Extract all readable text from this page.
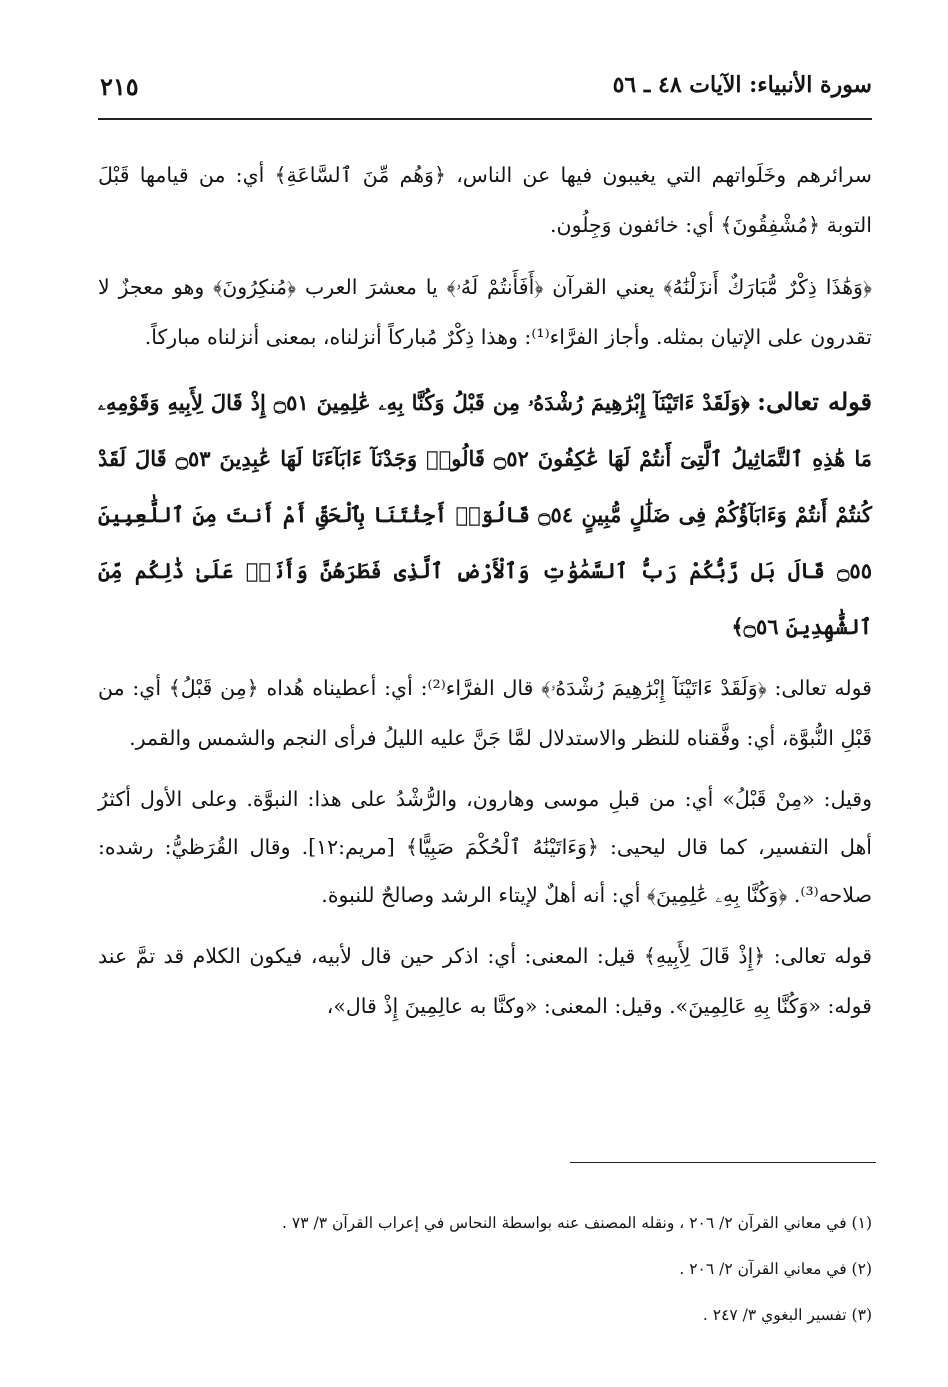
سورة الأنبياء: الآيات ٤٨ ـ ٥٦
٢١٥

سرائرهم وخَلَواتهم التي يغيبون فيها عن الناس، ﴿وَهُم مِّنَ ٱلسَّاعَةِ﴾ أي: من قيامها قَبْلَ التوبة ﴿مُشْفِقُونَ﴾ أي: خائفون وَجِلُون.

﴿وَهَٰذَا ذِكْرٌ مُّبَارَكٌ أَنزَلْنَٰهُ﴾ يعني القرآن ﴿أَفَأَنتُمْ لَهُۥ﴾ يا معشرَ العرب ﴿مُنكِرُونَ﴾ وهو معجزٌ لا تقدرون على الإتيان بمثله. وأجاز الفرَّاء⁽¹⁾: وهذا ذِكْرٌ مُباركاً أنزلناه، بمعنى أنزلناه مباركاً.

قوله تعالى: ﴿وَلَقَدْ ءَاتَيْنَآ إِبْرَٰهِيمَ رُشْدَهُۥ مِن قَبْلُ وَكُنَّا بِهِۦ عَٰلِمِينَ ۝٥١ إِذْ قَالَ لِأَبِيهِ وَقَوْمِهِۦ مَا هَٰذِهِ ٱلتَّمَاثِيلُ ٱلَّتِىٓ أَنتُمْ لَهَا عَٰكِفُونَ ۝٥٢ قَالُوا۟ وَجَدْنَآ ءَابَآءَنَا لَهَا عَٰبِدِينَ ۝٥٣ قَالَ لَقَدْ كُنتُمْ أَنتُمْ وَءَابَآؤُكُمْ فِى ضَلَٰلٍ مُّبِينٍ ۝٥٤ قَالُوٓا۟ أَجِئْتَنَا بِٱلْحَقِّ أَمْ أَنتَ مِنَ ٱللَّٰعِبِينَ ۝٥٥ قَالَ بَل رَّبُّكُمْ رَبُّ ٱلسَّمَٰوَٰتِ وَٱلْأَرْضِ ٱلَّذِى فَطَرَهُنَّ وَأَنَا۠ عَلَىٰ ذَٰلِكُم مِّنَ ٱلشَّٰهِدِينَ ۝٥٦﴾

قوله تعالى: ﴿وَلَقَدْ ءَاتَيْنَآ إِبْرَٰهِيمَ رُشْدَهُۥ﴾ قال الفرَّاء⁽²⁾: أي: أعطيناه هُداه ﴿مِن قَبْلُ﴾ أي: من قَبْلِ النُّبوَّة، أي: وفَّقناه للنظر والاستدلال لمَّا جَنَّ عليه الليلُ فرأى النجم والشمس والقمر.

وقيل: «مِنْ قَبْلُ» أي: من قبلِ موسى وهارون، والرُّشْدُ على هذا: النبوَّة. وعلى الأول أكثرُ أهل التفسير، كما قال ليحيى: ﴿وَءَاتَيْنَٰهُ ٱلْحُكْمَ صَبِيًّا﴾ [مريم:١٢]. وقال القُرَظيُّ: رشده: صلاحه⁽³⁾. ﴿وَكُنَّا بِهِۦ عَٰلِمِينَ﴾ أي: أنه أهلٌ لإيتاء الرشد وصالحٌ للنبوة.

قوله تعالى: ﴿إِذْ قَالَ لِأَبِيهِ﴾ قيل: المعنى: أي: اذكر حين قال لأبيه، فيكون الكلام قد تمَّ عند قوله: «وَكُنَّا بِهِ عَالِمِينَ». وقيل: المعنى: «وكنَّا به عالِمِينَ إِذْ قال»،

(١) في معاني القرآن ٢/ ٢٠٦ ، ونقله المصنف عنه بواسطة النحاس في إعراب القرآن ٣/ ٧٣ .
(٢) في معاني القرآن ٢/ ٢٠٦ .
(٣) تفسير البغوي ٣/ ٢٤٧ .
